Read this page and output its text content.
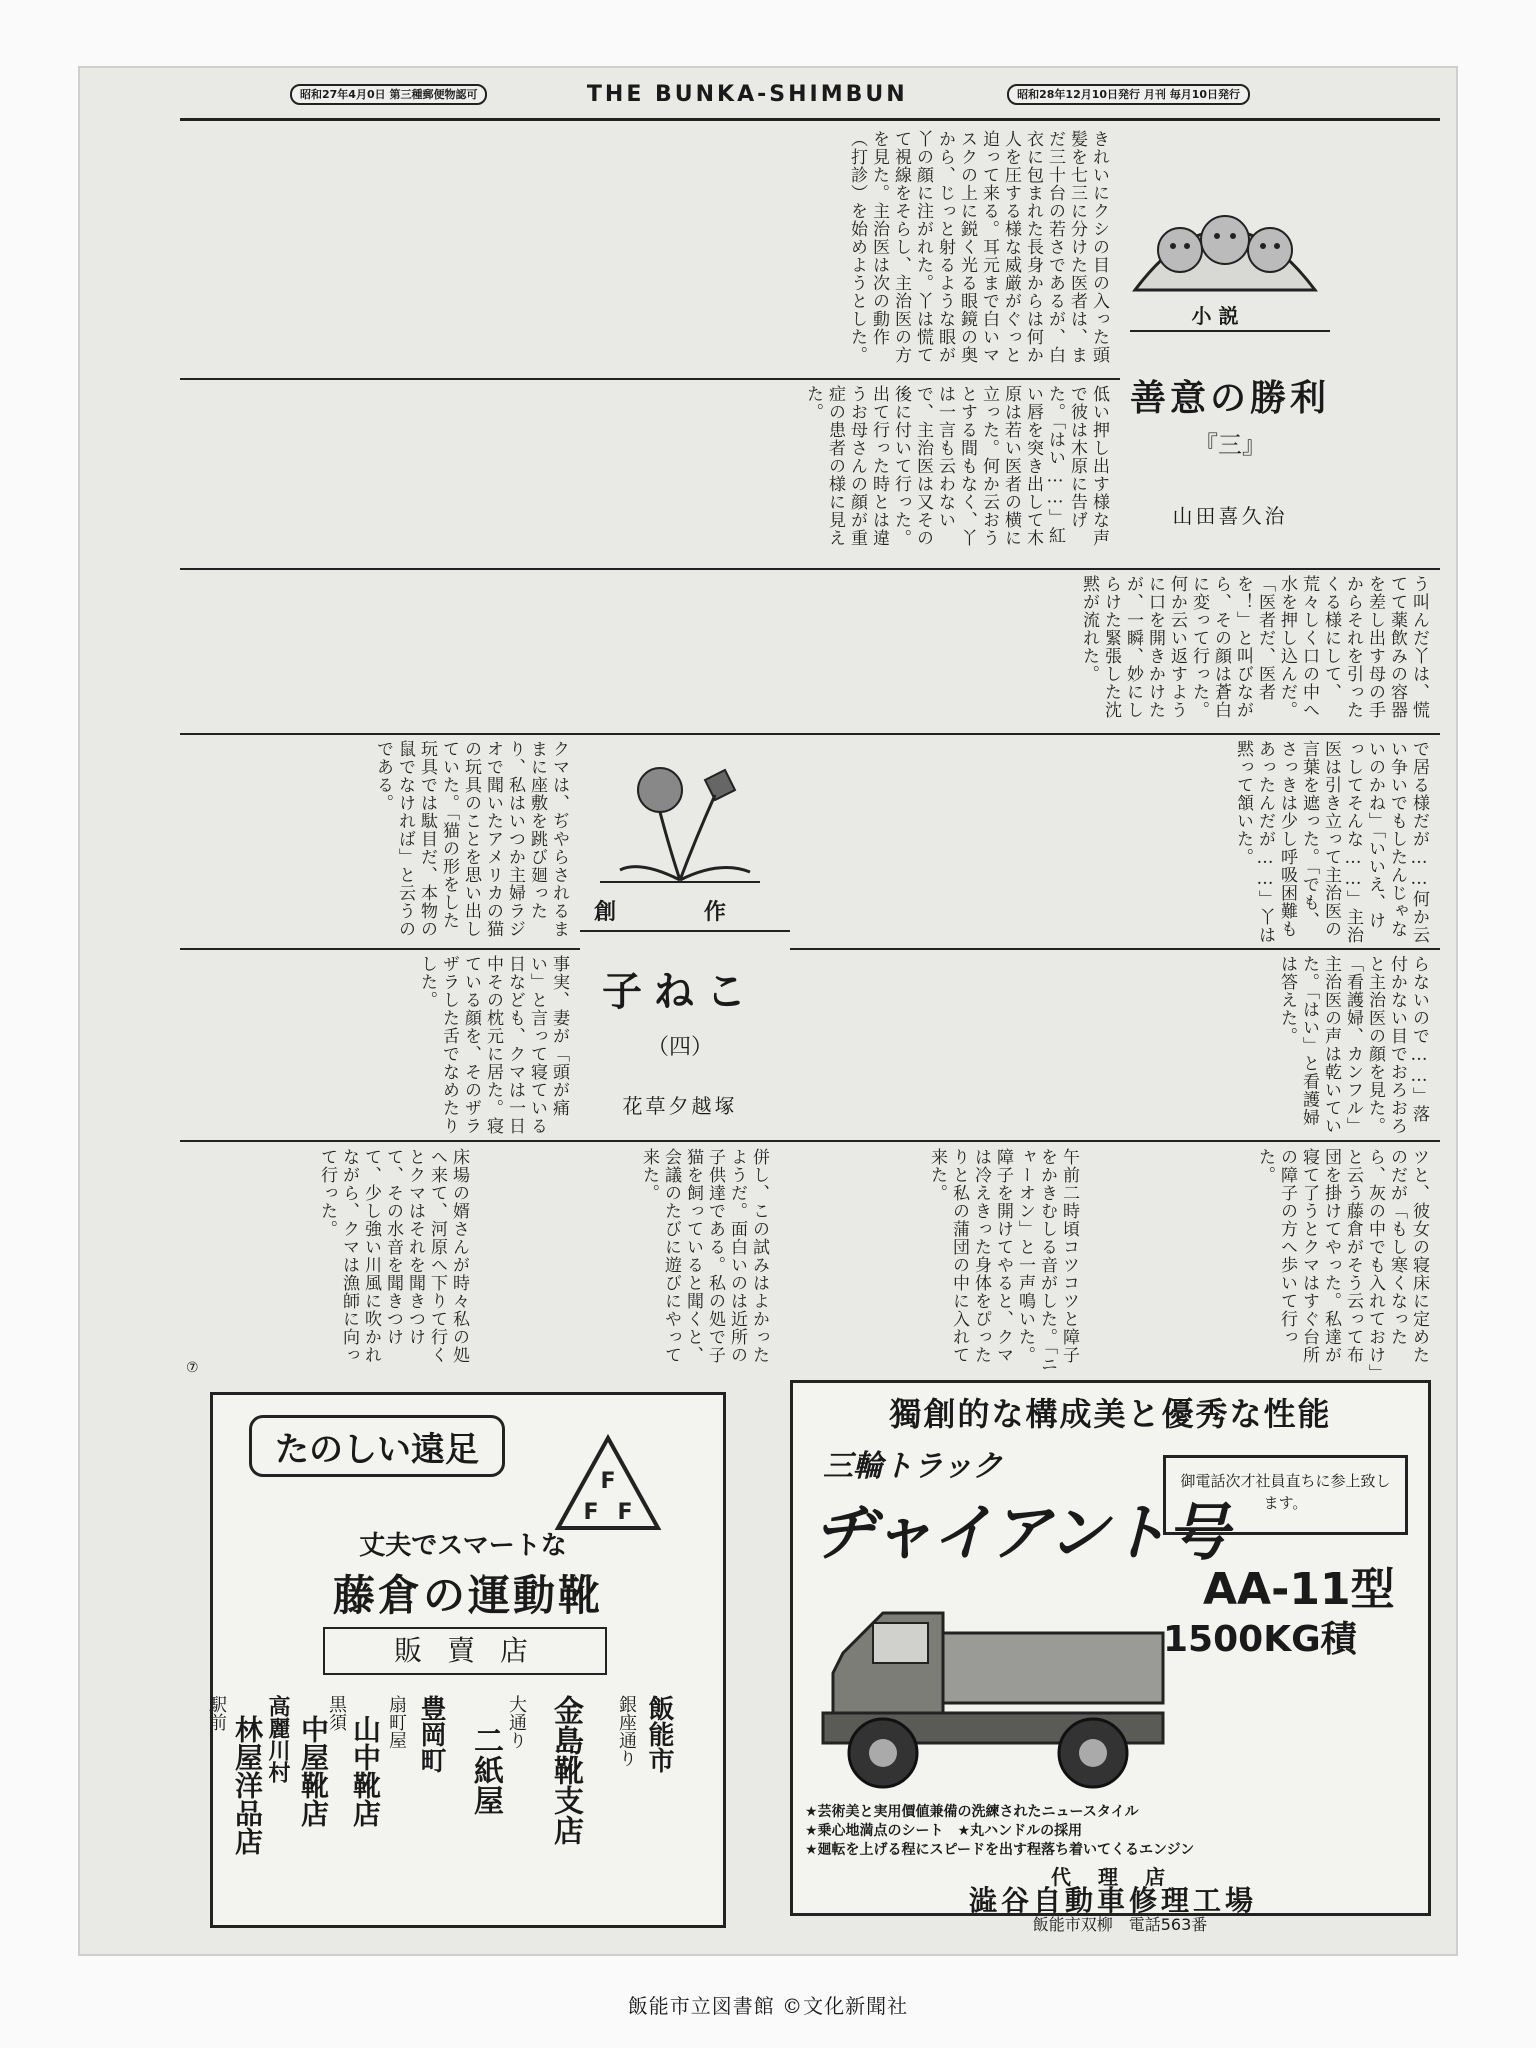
昭和27年4月0日 第三種郵便物認可	THE BUNKA-SHIMBUN	昭和28年12月10日発行 月刊 毎月10日発行
小 説
善意の勝利
『三』
山田喜久治
きれいにクシの目の入った頭髪を七三に分けた医者は、まだ三十台の若さであるが、白衣に包まれた長身からは何か人を圧する様な威厳がぐっと迫って来る。耳元まで白いマスクの上に鋭く光る眼鏡の奥から、じっと射るような眼が丫の顔に注がれた。丫は慌てて視線をそらし、主治医の方を見た。主治医は次の動作（打診）を始めようとした。
低い押し出す様な声で彼は木原に告げた。「はい……」紅い唇を突き出して木原は若い医者の横に立った。何か云おうとする間もなく、丫は一言も云わないで、主治医は又その後に付いて行った。出て行った時とは違うお母さんの顔が重症の患者の様に見えた。
う叫んだ丫は、慌てて薬飲みの容器を差し出す母の手からそれを引ったくる様にして、荒々しく口の中へ水を押し込んだ。「医者だ、医者を！」と叫びながら、その顔は蒼白に変って行った。何か云い返すように口を開きかけたが、一瞬、妙にしらけた緊張した沈黙が流れた。
で居る様だが……何か云い争いでもしたんじゃないのかね」「いいえ、けっしてそんな……」主治医は引き立って主治医の言葉を遮った。「でも、さっきは少し呼吸困難もあったんだが……」丫は黙って頷いた。
クマは、ぢやらされるままに座敷を跳び廻ったり、私はいつか主婦ラジオで聞いたアメリカの猫の玩具のことを思い出していた。「猫の形をした玩具では駄目だ、本物の鼠でなければ」と云うのである。
創 作
子ねこ
（四）
花草夕越塚	らないので……」落付かない目でおろおろと主治医の顔を見た。「看護婦、カンフル」主治医の声は乾いていた。「はい」と看護婦は答えた。
事実、妻が「頭が痛い」と言って寝ている日なども、クマは一日中その枕元に居た。寝ている顔を、そのザラザラした舌でなめたりした。
ツと、彼女の寝床に定めたのだが「もし寒くなったら、灰の中でも入れておけ」と云う藤倉がそう云って布団を掛けてやった。私達が寝て了うとクマはすぐ台所の障子の方へ歩いて行った。
午前二時頃コツコツと障子をかきむしる音がした。「ニャーオン」と一声鳴いた。障子を開けてやると、クマは冷えきった身体をぴったりと私の蒲団の中に入れて来た。
併し、この試みはよかったようだ。面白いのは近所の子供達である。私の処で子猫を飼っていると聞くと、会議のたびに遊びにやって来た。
床場の婿さんが時々私の処へ来て、河原へ下りて行くとクマはそれを聞きつけて、その水音を聞きつけて、少し強い川風に吹かれながら、クマは漁師に向って行った。
⑦
たのしい遠足
F
F F
丈夫でスマートな
藤倉の運動靴
販 賣 店
銀座通り 飯能市
金島靴支店
大通り
二紙屋
豊岡町
扇町屋
山中靴店
黒須
中屋靴店
高麗川村
林屋洋品店
駅前
獨創的な構成美と優秀な性能
三輪トラック
ヂャイアント号
御電話次才社員直ちに参上致します。
AA-11型
1500KG積
★芸術美と実用價値兼備の洗練されたニュースタイル
★乗心地満点のシート　★丸ハンドルの採用
★廻転を上げる程にスピードを出す程落ち着いてくるエンジン
代 理 店
澁谷自動車修理工場
飯能市双柳　電話563番
飯能市立図書館 ©文化新聞社
